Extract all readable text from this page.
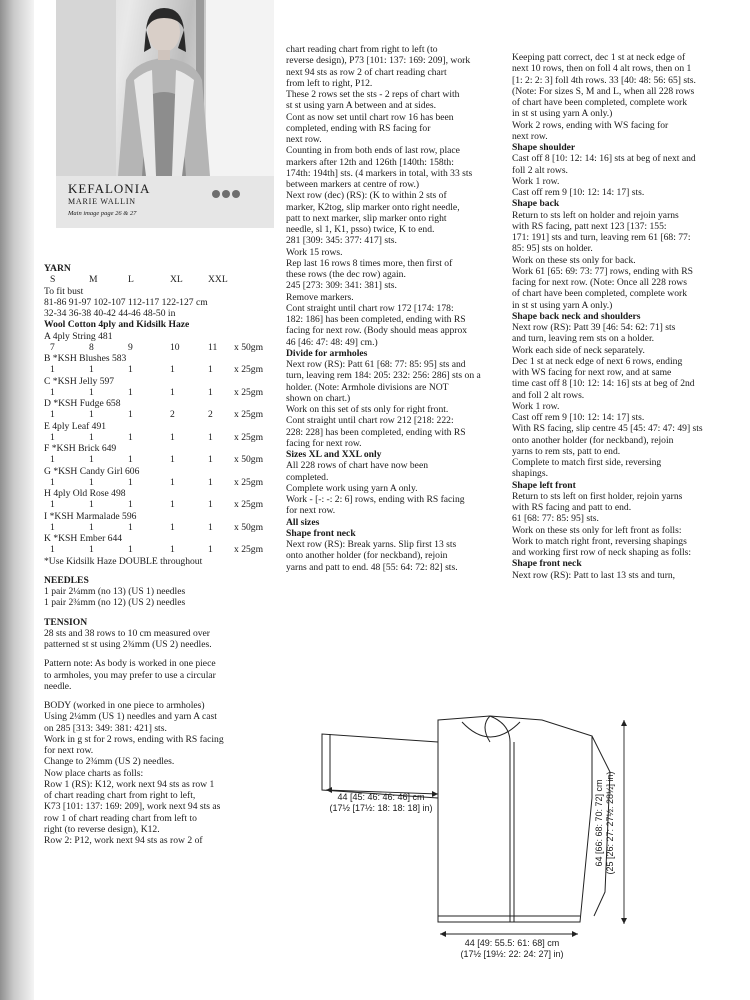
KEFALONIA
MARIE WALLIN
Main image page 26 & 27
YARN
S	M	L	XL	XXL
To fit bust
81-86 91-97 102-107 112-117 122-127 cm
32-34 36-38 40-42 44-46 48-50 in
Wool Cotton 4ply and Kidsilk Haze
A 4ply String 481
7	8	9	10	11 x 50gm
B *KSH Blushes 583
1	1	1	1	1 x 25gm
C *KSH Jelly 597
1	1	1	1	1 x 25gm
D *KSH Fudge 658
1	1	1	2	2 x 25gm
E 4ply Leaf 491
1	1	1	1	1 x 25gm
F *KSH Brick 649
1	1	1	1	1 x 50gm
G *KSH Candy Girl 606
1	1	1	1	1 x 25gm
H 4ply Old Rose 498
1	1	1	1	1 x 25gm
I *KSH Marmalade 596
1	1	1	1	1 x 50gm
K *KSH Ember 644
1	1	1	1	1 x 25gm
*Use Kidsilk Haze DOUBLE throughout
NEEDLES
1 pair 2¼mm (no 13) (US 1) needles
1 pair 2¾mm (no 12) (US 2) needles
TENSION
28 sts and 38 rows to 10 cm measured over
patterned st st using 2¾mm (US 2) needles.
Pattern note: As body is worked in one piece
to armholes, you may prefer to use a circular
needle.
BODY (worked in one piece to armholes)
Using 2¼mm (US 1) needles and yarn A cast
on 285 [313: 349: 381: 421] sts.
Work in g st for 2 rows, ending with RS facing
for next row.
Change to 2¾mm (US 2) needles.
Now place charts as folls:
Row 1 (RS): K12, work next 94 sts as row 1
of chart reading chart from right to left,
K73 [101: 137: 169: 209], work next 94 sts as
row 1 of chart reading chart from left to
right (to reverse design), K12.
Row 2: P12, work next 94 sts as row 2 of
chart reading chart from right to left (to
reverse design), P73 [101: 137: 169: 209], work
next 94 sts as row 2 of chart reading chart
from left to right, P12.
These 2 rows set the sts - 2 reps of chart with
st st using yarn A between and at sides.
Cont as now set until chart row 16 has been
completed, ending with RS facing for
next row.
Counting in from both ends of last row, place
markers after 12th and 126th [140th: 158th:
174th: 194th] sts. (4 markers in total, with 33 sts
between markers at centre of row.)
Next row (dec) (RS): (K to within 2 sts of
marker, K2tog, slip marker onto right needle,
patt to next marker, slip marker onto right
needle, sl 1, K1, psso) twice, K to end.
281 [309: 345: 377: 417] sts.
Work 15 rows.
Rep last 16 rows 8 times more, then first of
these rows (the dec row) again.
245 [273: 309: 341: 381] sts.
Remove markers.
Cont straight until chart row 172 [174: 178:
182: 186] has been completed, ending with RS
facing for next row. (Body should meas approx
46 [46: 47: 48: 49] cm.)
Divide for armholes
Next row (RS): Patt 61 [68: 77: 85: 95] sts and
turn, leaving rem 184: 205: 232: 256: 286] sts on a
holder. (Note: Armhole divisions are NOT
shown on chart.)
Work on this set of sts only for right front.
Cont straight until chart row 212 [218: 222:
228: 228] has been completed, ending with RS
facing for next row.
Sizes XL and XXL only
All 228 rows of chart have now been
completed.
Complete work using yarn A only.
Work - [-: -: 2: 6] rows, ending with RS facing
for next row.
All sizes
Shape front neck
Next row (RS): Break yarns. Slip first 13 sts
onto another holder (for neckband), rejoin
yarns and patt to end. 48 [55: 64: 72: 82] sts.
Keeping patt correct, dec 1 st at neck edge of
next 10 rows, then on foll 4 alt rows, then on 1
[1: 2: 2: 3] foll 4th rows. 33 [40: 48: 56: 65] sts.
(Note: For sizes S, M and L, when all 228 rows
of chart have been completed, complete work
in st st using yarn A only.)
Work 2 rows, ending with WS facing for
next row.
Shape shoulder
Cast off 8 [10: 12: 14: 16] sts at beg of next and
foll 2 alt rows.
Work 1 row.
Cast off rem 9 [10: 12: 14: 17] sts.
Shape back
Return to sts left on holder and rejoin yarns
with RS facing, patt next 123 [137: 155:
171: 191] sts and turn, leaving rem 61 [68: 77:
85: 95] sts on holder.
Work on these sts only for back.
Work 61 [65: 69: 73: 77] rows, ending with RS
facing for next row. (Note: Once all 228 rows
of chart have been completed, complete work
in st st using yarn A only.)
Shape back neck and shoulders
Next row (RS): Patt 39 [46: 54: 62: 71] sts
and turn, leaving rem sts on a holder.
Work each side of neck separately.
Dec 1 st at neck edge of next 6 rows, ending
with WS facing for next row, and at same
time cast off 8 [10: 12: 14: 16] sts at beg of 2nd
and foll 2 alt rows.
Work 1 row.
Cast off rem 9 [10: 12: 14: 17] sts.
With RS facing, slip centre 45 [45: 47: 47: 49] sts
onto another holder (for neckband), rejoin
yarns to rem sts, patt to end.
Complete to match first side, reversing
shapings.
Shape left front
Return to sts left on first holder, rejoin yarns
with RS facing and patt to end.
61 [68: 77: 85: 95] sts.
Work on these sts only for left front as folls:
Work to match right front, reversing shapings
and working first row of neck shaping as folls:
Shape front neck
Next row (RS): Patt to last 13 sts and turn,
44 [45: 46: 46: 46] cm
(17½ [17½: 18: 18: 18] in)
44 [49: 55.5: 61: 68] cm
(17½ [19½: 22: 24: 27] in)
64 [66: 68: 70: 72] cm (25 [26: 27: 27½: 28½] in)
